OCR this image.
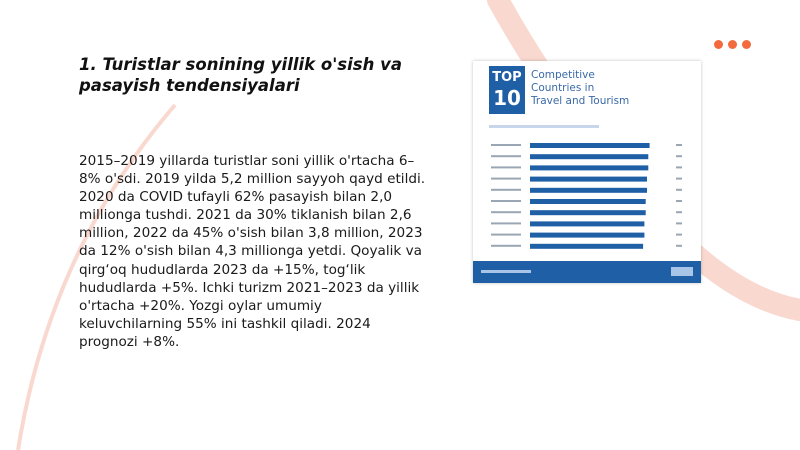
1. Turistlar sonining yillik o'sish va pasayish tendensiyalari

2015–2019 yillarda turistlar soni yillik o'rtacha 6–8% o'sdi. 2019 yilda 5,2 million sayyoh qayd etildi. 2020 da COVID tufayli 62% pasayish bilan 2,0 millionga tushdi. 2021 da 30% tiklanish bilan 2,6 million, 2022 da 45% o'sish bilan 3,8 million, 2023 da 12% o'sish bilan 4,3 millionga yetdi. Qoyalik va qirg‘oq hududlarda 2023 da +15%, tog‘lik hududlarda +5%. Ichki turizm 2021–2023 da yillik o'rtacha +20%. Yozgi oylar umumiy keluvchilarning 55% ini tashkil qiladi. 2024 prognozi +8%.

TOP
10
Competitive
Countries in
Travel and Tourism
